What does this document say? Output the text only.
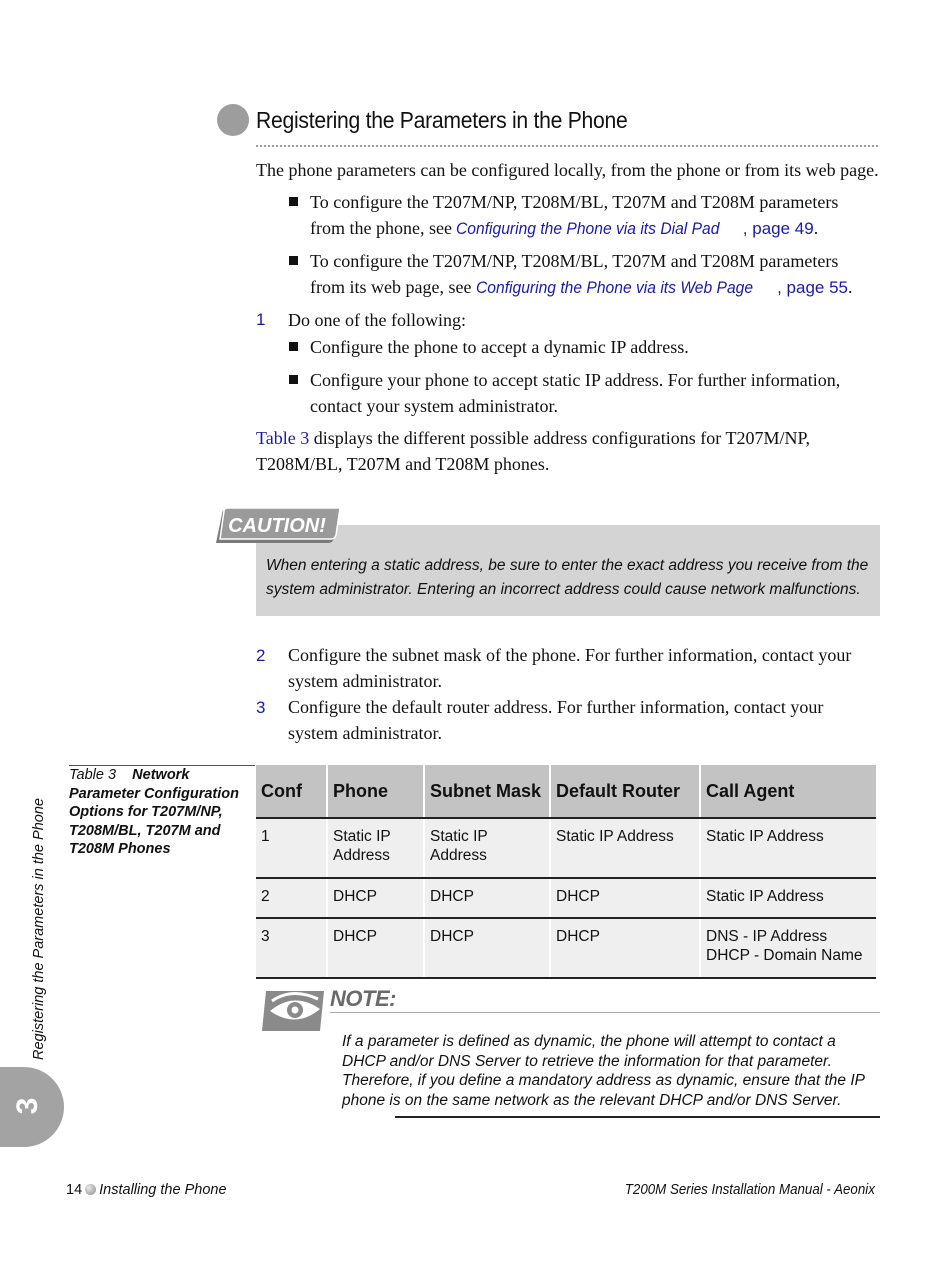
Registering the Parameters in the Phone
The phone parameters can be configured locally, from the phone or from its web page.
To configure the T207M/NP, T208M/BL, T207M and T208M parameters
from the phone, see Configuring the Phone via its Dial Pad , page 49.
To configure the T207M/NP, T208M/BL, T207M and T208M parameters
from its web page, see Configuring the Phone via its Web Page , page 55.
1 Do one of the following:
Configure the phone to accept a dynamic IP address.
Configure your phone to accept static IP address. For further information,
contact your system administrator.
Table 3 displays the different possible address configurations for T207M/NP,
T208M/BL, T207M and T208M phones.
CAUTION!
When entering a static address, be sure to enter the exact address you receive from the system administrator. Entering an incorrect address could cause network malfunctions.
2 Configure the subnet mask of the phone. For further information, contact your
system administrator.
3 Configure the default router address. For further information, contact your
system administrator.
Table 3 Network Parameter Configuration Options for T207M/NP, T208M/BL, T207M and T208M Phones
Conf	Phone	Subnet Mask	Default Router	Call Agent
1	Static IP Address	Static IP Address	Static IP Address	Static IP Address
2	DHCP	DHCP	DHCP	Static IP Address
3	DHCP	DHCP	DHCP	DNS - IP Address
DHCP - Domain Name
NOTE:
If a parameter is defined as dynamic, the phone will attempt to contact a DHCP and/or DNS Server to retrieve the information for that parameter. Therefore, if you define a mandatory address as dynamic, ensure that the IP phone is on the same network as the relevant DHCP and/or DNS Server.
Registering the Parameters in the Phone
3
14 Installing the Phone	T200M Series Installation Manual - Aeonix
